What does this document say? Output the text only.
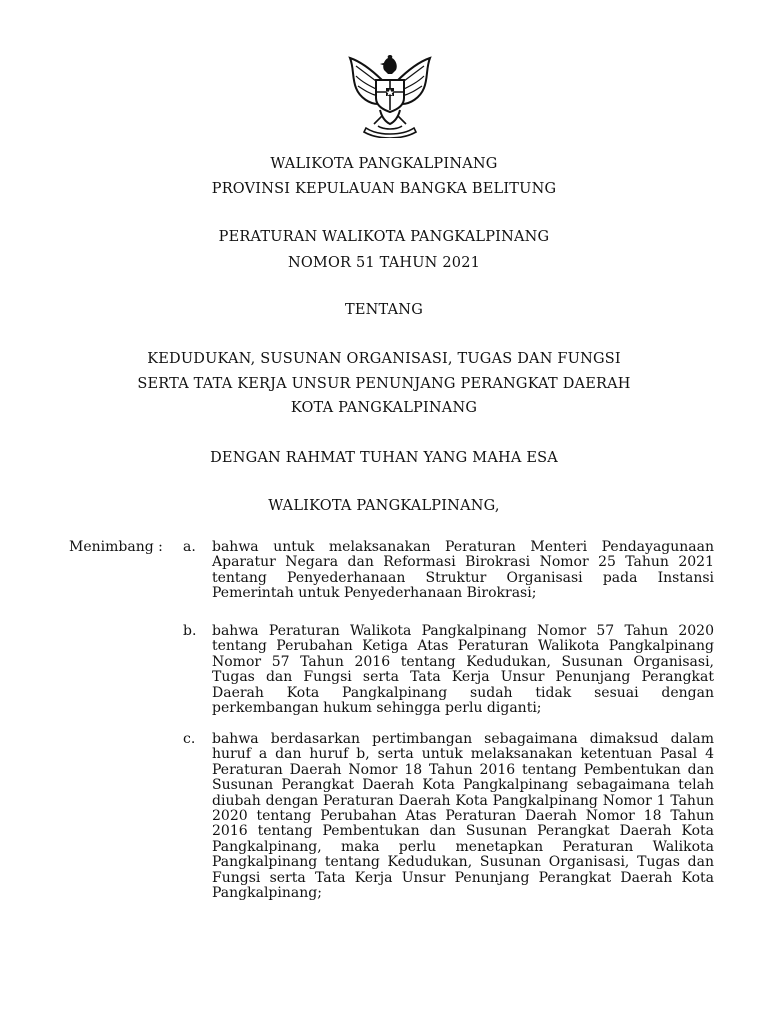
WALIKOTA PANGKALPINANG
PROVINSI KEPULAUAN BANGKA BELITUNG
PERATURAN WALIKOTA PANGKALPINANG
NOMOR 51 TAHUN 2021
TENTANG
KEDUDUKAN, SUSUNAN ORGANISASI, TUGAS DAN FUNGSI
SERTA TATA KERJA UNSUR PENUNJANG PERANGKAT DAERAH
KOTA PANGKALPINANG
DENGAN RAHMAT TUHAN YANG MAHA ESA
WALIKOTA PANGKALPINANG,
Menimbang : a. bahwa untuk melaksanakan Peraturan Menteri Pendayagunaan Aparatur Negara dan Reformasi Birokrasi Nomor 25 Tahun 2021 tentang Penyederhanaan Struktur Organisasi pada Instansi Pemerintah untuk Penyederhanaan Birokrasi;
b. bahwa Peraturan Walikota Pangkalpinang Nomor 57 Tahun 2020 tentang Perubahan Ketiga Atas Peraturan Walikota Pangkalpinang Nomor 57 Tahun 2016 tentang Kedudukan, Susunan Organisasi, Tugas dan Fungsi serta Tata Kerja Unsur Penunjang Perangkat Daerah Kota Pangkalpinang sudah tidak sesuai dengan perkembangan hukum sehingga perlu diganti;
c. bahwa berdasarkan pertimbangan sebagaimana dimaksud dalam huruf a dan huruf b, serta untuk melaksanakan ketentuan Pasal 4 Peraturan Daerah Nomor 18 Tahun 2016 tentang Pembentukan dan Susunan Perangkat Daerah Kota Pangkalpinang sebagaimana telah diubah dengan Peraturan Daerah Kota Pangkalpinang Nomor 1 Tahun 2020 tentang Perubahan Atas Peraturan Daerah Nomor 18 Tahun 2016 tentang Pembentukan dan Susunan Perangkat Daerah Kota Pangkalpinang, maka perlu menetapkan Peraturan Walikota Pangkalpinang tentang Kedudukan, Susunan Organisasi, Tugas dan Fungsi serta Tata Kerja Unsur Penunjang Perangkat Daerah Kota Pangkalpinang;
